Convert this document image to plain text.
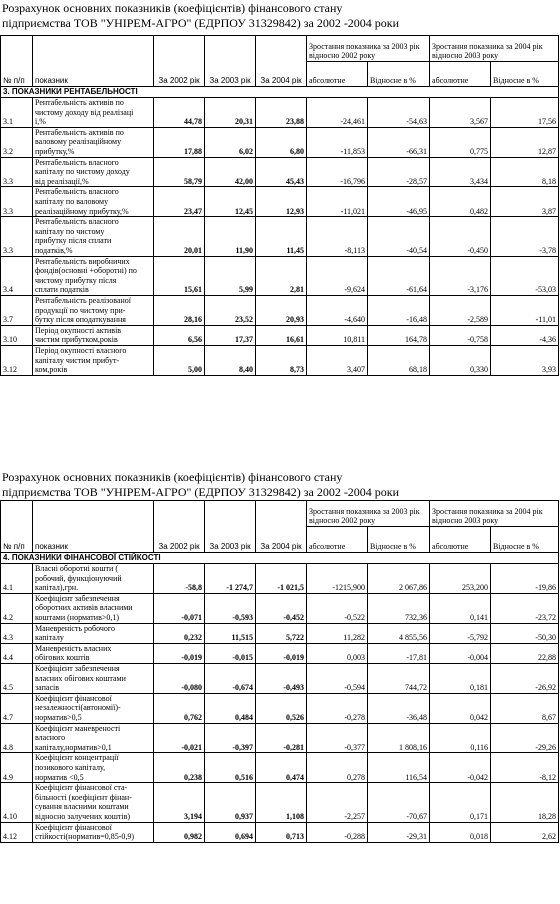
Розрахунок основних показників (коефіцієнтів) фінансового стану
підприємства ТОВ "УНІРЕМ-АГРО" (ЕДРПОУ 31329842) за 2002 -2004 роки
№ п/п	показник	За 2002 рік	За 2003 рік	За 2004 рік	Зростання показника за 2003 рік відносно 2002 року		Зростання показника за 2004 рік відносно 2003 року	
					абсолютне	Відносне в %	абсолютне	Відносне в %
3. ПОКАЗНИКИ РЕНТАБЕЛЬНОСТІ								
3.1	Рентабельність активів по
чистому доходу від реалізаці
ї,%	44,78	20,31	23,88	-24,461	-54,63	3,567	17,56
3.2	Рентабельність активів по
валовому реалізаційному
прибутку,%	17,88	6,02	6,80	-11,853	-66,31	0,775	12,87
3.3	Рентабельність власного
капіталу по чистому доходу
від реалізації,%	58,79	42,00	45,43	-16,796	-28,57	3,434	8,18
3.3	Рентабельність власного
капіталу по валовому
реалізаційному прибутку,%	23,47	12,45	12,93	-11,021	-46,95	0,482	3,87
3.3	Рентабельність власного
капіталу по чистому
прибутку після сплати
податків,%	20,01	11,90	11,45	-8,113	-40,54	-0,450	-3,78
3.4	Рентабельність виробничих
фондів(основні +оборотні) по
чистому прибутку після
сплати податків	15,61	5,99	2,81	-9,624	-61,64	-3,176	-53,03
3.7	Рентабельність реалізованої
продукції по чистому при-
бутку після оподаткування	28,16	23,52	20,93	-4,640	-16,48	-2,589	-11,01
3.10	Період окупності активів
чистим прибутком,років	6,56	17,37	16,61	10,811	164,78	-0,758	-4,36
3.12	Період окупності власного
капіталу чистим прибут-
ком,років	5,00	8,40	8,73	3,407	68,18	0,330	3,93
Розрахунок основних показників (коефіцієнтів) фінансового стану
підприємства ТОВ "УНІРЕМ-АГРО" (ЕДРПОУ 31329842) за 2002 -2004 роки
№ п/п	показник	За 2002 рік	За 2003 рік	За 2004 рік	Зростання показника за 2003 рік відносно 2002 року		Зростання показника за 2004 рік відносно 2003 року	
					абсолютне	Відносне в %	абсолютне	Відносне в %
4. ПОКАЗНИКИ ФІНАНСОВОЇ СТІЙКОСТІ								
4.1	Власні оборотні кошти (
робочий, функціонуючий
капітал),грн.	-58,8	-1 274,7	-1 021,5	-1215,900	2 067,86	253,200	-19,86
4.2	Коефіцієнт забезпечення
оборотних активів власними
коштами (норматив>0,1)	-0,071	-0,593	-0,452	-0,522	732,36	0,141	-23,72
4.3	Маневреність робочого
капіталу	0,232	11,515	5,722	11,282	4 855,56	-5,792	-50,30
4.4	Маневреність власних
обігових коштів	-0,019	-0,015	-0,019	0,003	-17,81	-0,004	22,88
4.5	Коефіцієнт забезпечення
власних обігових коштами
запасів	-0,080	-0,674	-0,493	-0,594	744,72	0,181	-26,92
4.7	Коефіцієнт фінансової
незалежності(автономії)-
норматив>0,5	0,762	0,484	0,526	-0,278	-36,48	0,042	8,67
4.8	Коефіцієнт маневреності
власного
капіталу,норматив>0,1	-0,021	-0,397	-0,281	-0,377	1 808,16	0,116	-29,26
4.9	Коефіцієнт концентрації
позикового капіталу,
норматив <0,5	0,238	0,516	0,474	0,278	116,54	-0,042	-8,12
4.10	Коефіцієнт фінансової ста-
більності (коефіцієнт фінан-
сування власними коштами
відносно залучених коштів)	3,194	0,937	1,108	-2,257	-70,67	0,171	18,28
4.12	Коефіцієнт фінансової
стійкості(норматив=0,85-0,9)	0,982	0,694	0,713	-0,288	-29,31	0,018	2,62
